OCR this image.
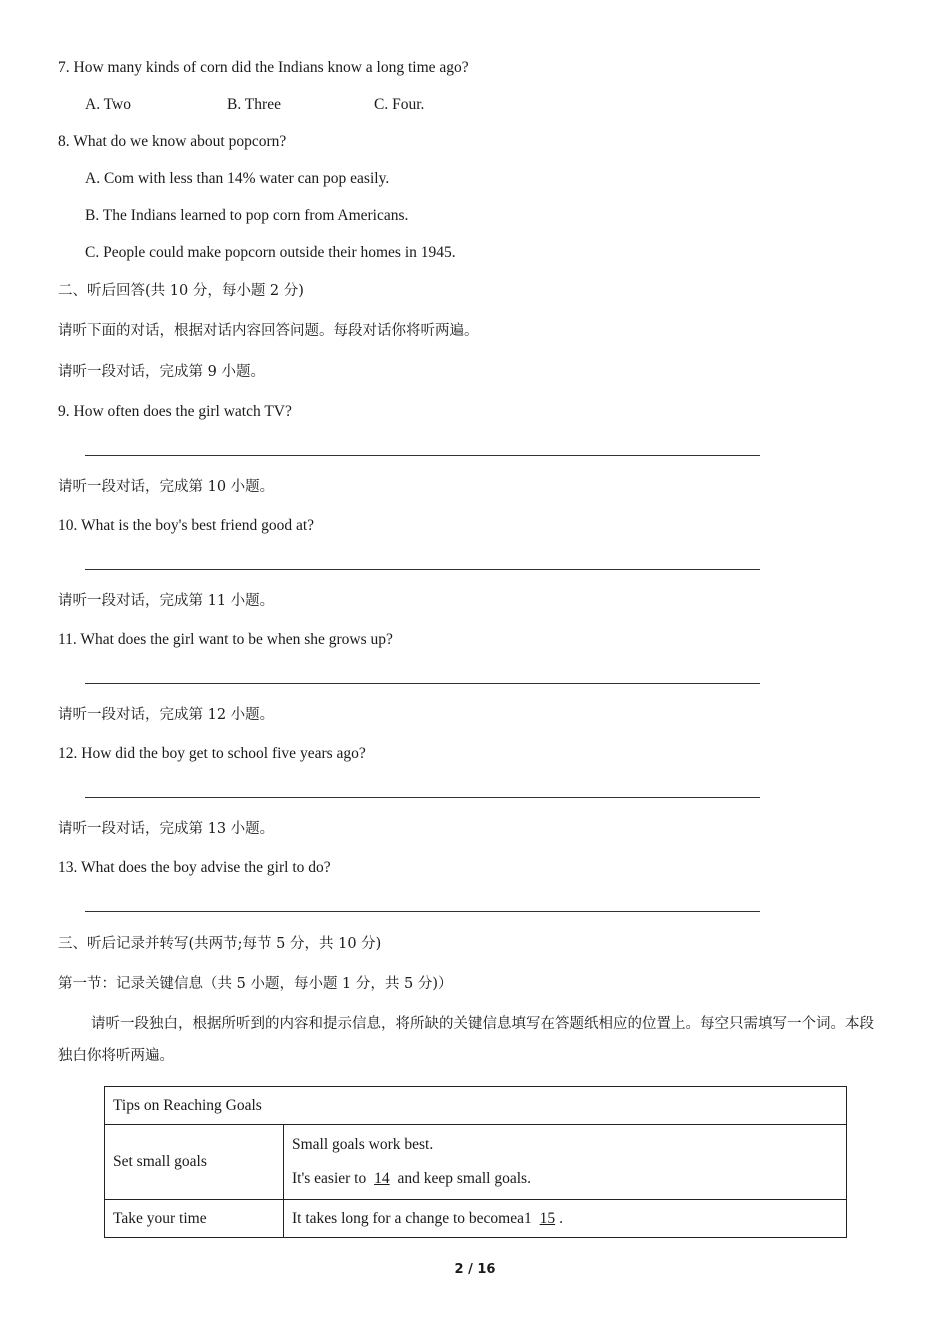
7. How many kinds of corn did the Indians know a long time ago?
A. Two	B. Three	C. Four.
8. What do we know about popcorn?
A. Com with less than 14% water can pop easily.
B. The Indians learned to pop corn from Americans.
C. People could make popcorn outside their homes in 1945.
二、听后回答(共 10 分，每小题 2 分)
请听下面的对话，根据对话内容回答问题。每段对话你将听两遍。
请听一段对话，完成第 9 小题。
9. How often does the girl watch TV?
请听一段对话，完成第 10 小题。
10. What is the boy's best friend good at?
请听一段对话，完成第 11 小题。
11. What does the girl want to be when she grows up?
请听一段对话，完成第 12 小题。
12. How did the boy get to school five years ago?
请听一段对话，完成第 13 小题。
13. What does the boy advise the girl to do?
三、听后记录并转写(共两节;每节 5 分，共 10 分)
第一节：记录关键信息（共 5 小题，每小题 1 分，共 5 分)）
请听一段独白，根据所听到的内容和提示信息，将所缺的关键信息填写在答题纸相应的位置上。每空只需填写一个词。本段独白你将听两遍。
Tips on Reaching Goals	
Set small goals	Small goals work best.
It's easier to 14 and keep small goals.

Take your time	It takes long for a change to becomea1 15 .
2 / 16
